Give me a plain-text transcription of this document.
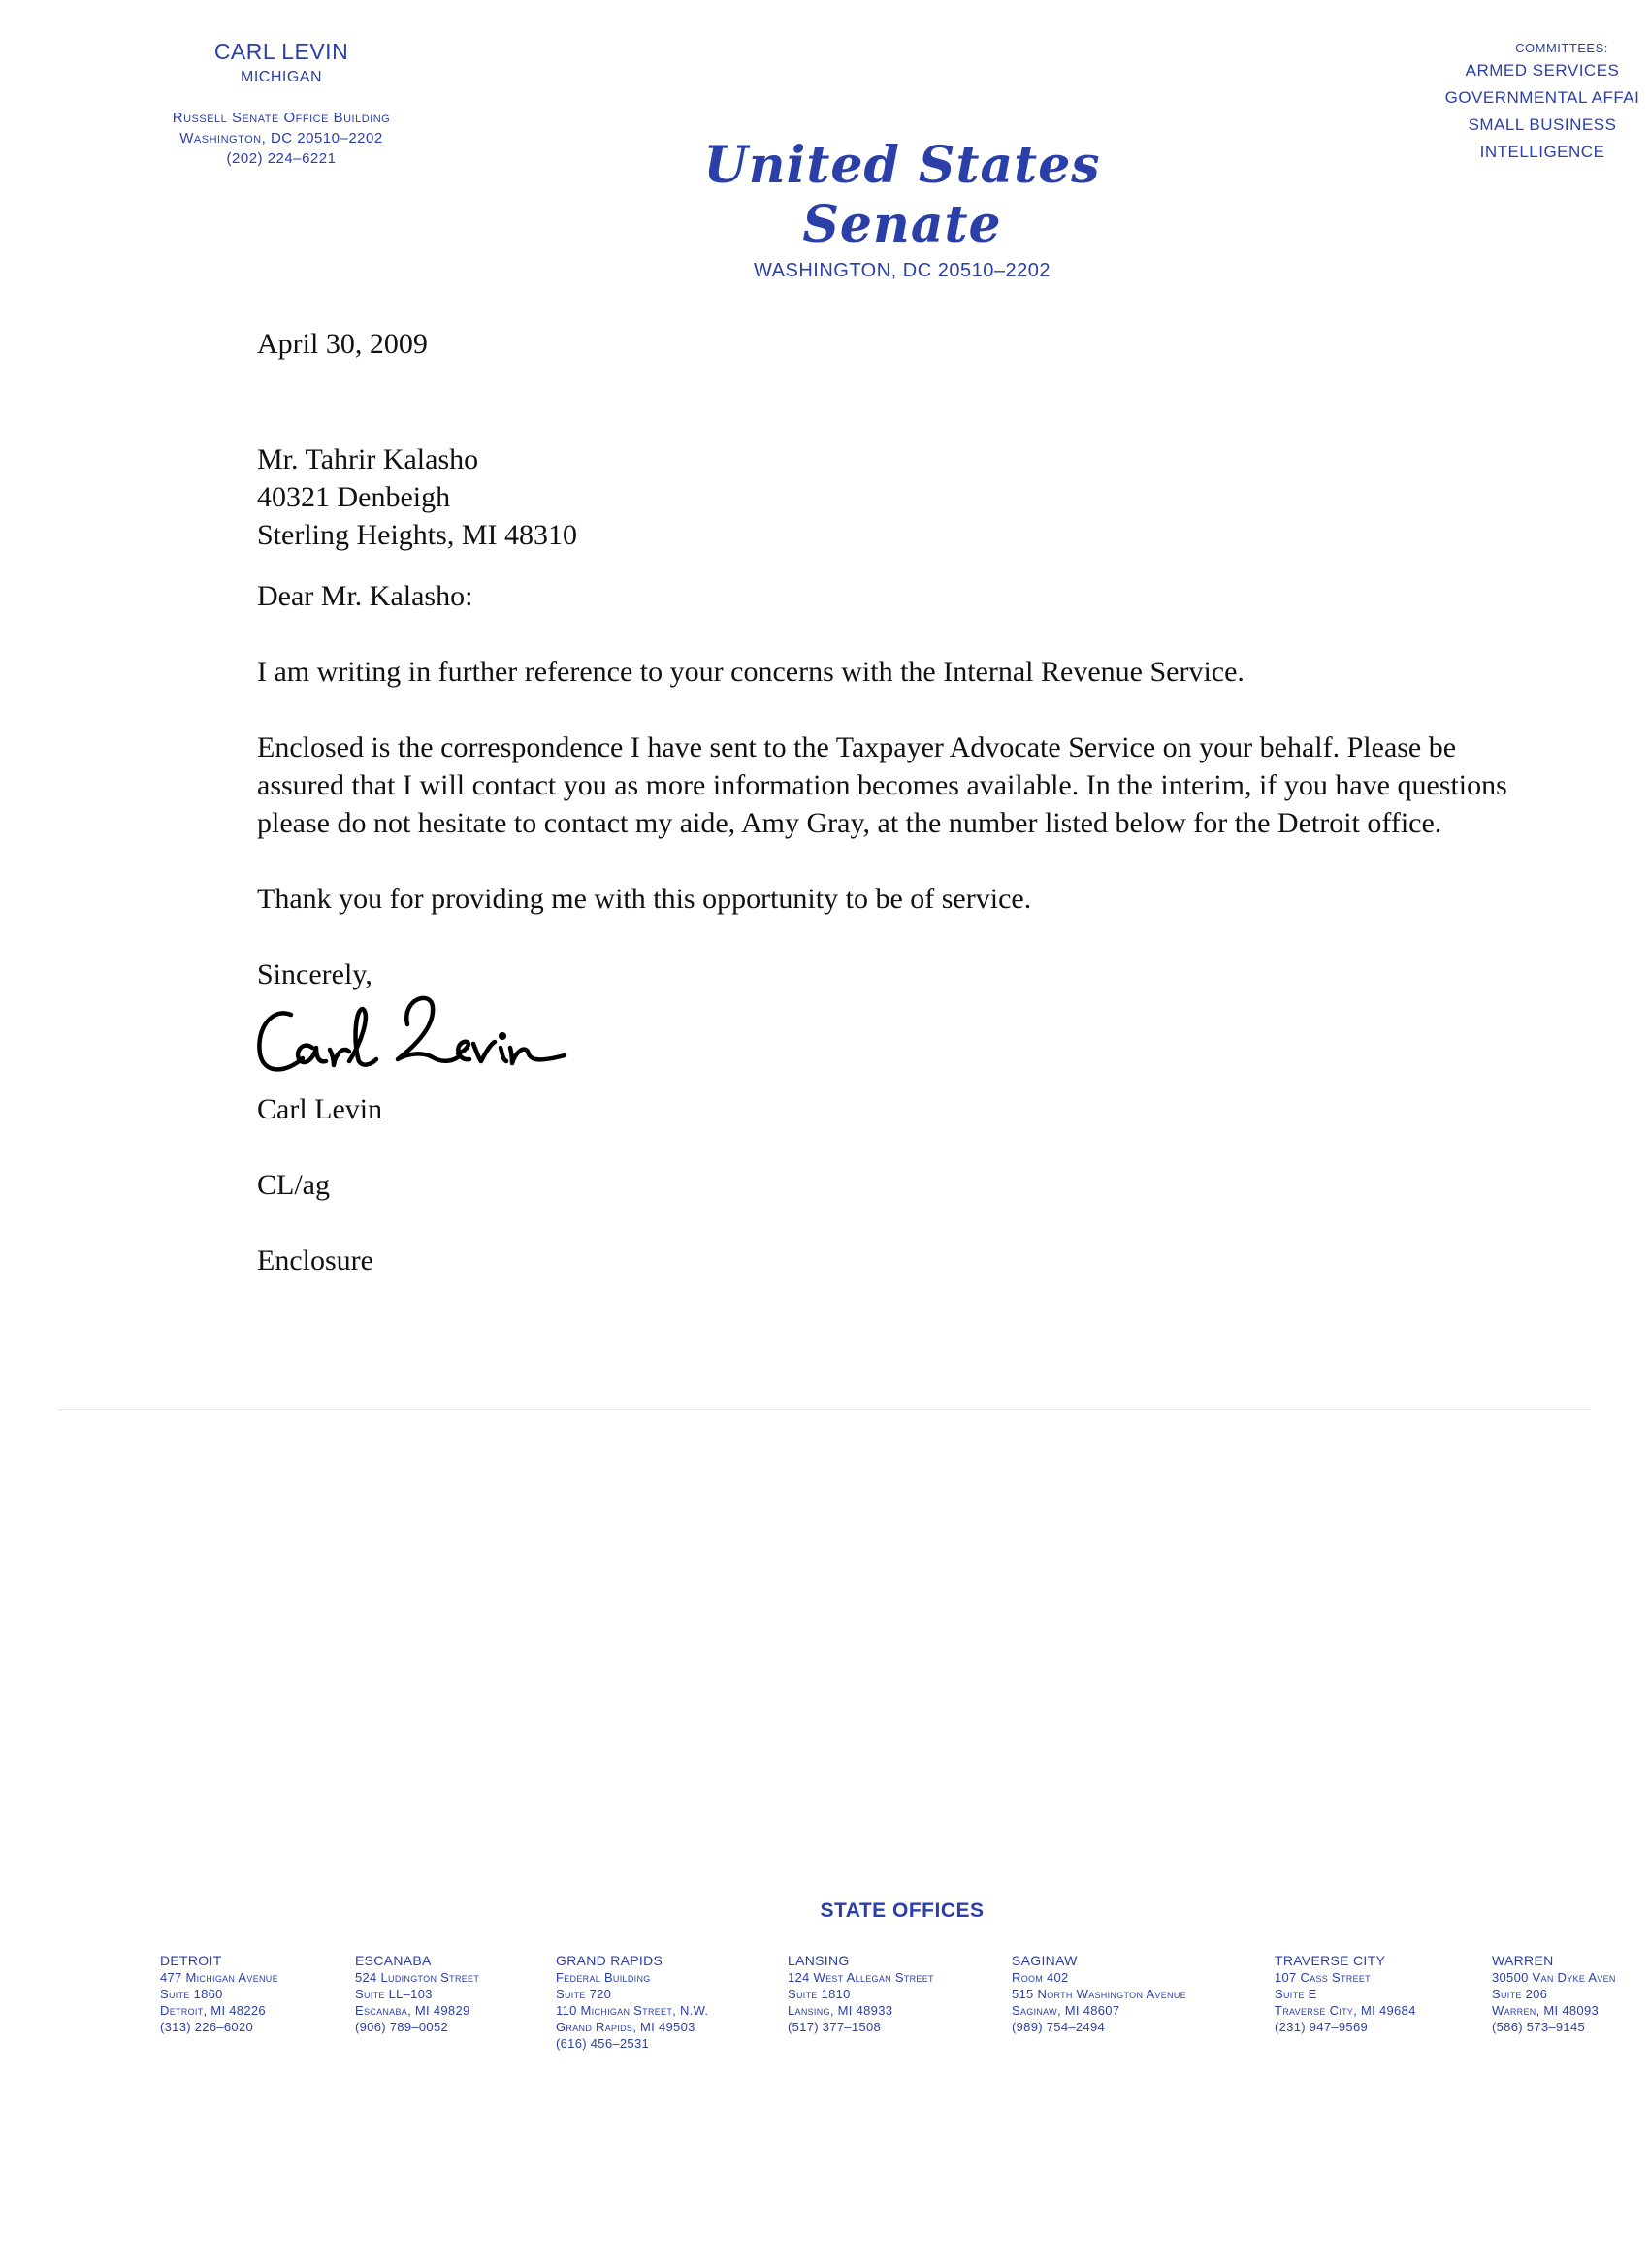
CARL LEVIN
MICHIGAN
Russell Senate Office Building
Washington, DC 20510–2202
(202) 224–6221	United States Senate
WASHINGTON, DC 20510–2202
COMMITTEES:
ARMED SERVICES
GOVERNMENTAL AFFAI
SMALL BUSINESS
INTELLIGENCE
April 30, 2009
Mr. Tahrir Kalasho
40321 Denbeigh
Sterling Heights, MI 48310

Dear Mr. Kalasho:

I am writing in further reference to your concerns with the Internal Revenue Service.

Enclosed is the correspondence I have sent to the Taxpayer Advocate Service on your behalf. Please be assured that I will contact you as more information becomes available. In the interim, if you have questions please do not hesitate to contact my aide, Amy Gray, at the number listed below for the Detroit office.

Thank you for providing me with this opportunity to be of service.

Sincerely,
Carl Levin
CL/ag
Enclosure
STATE OFFICES
DETROIT
477 Michigan Avenue
Suite 1860
Detroit, MI 48226
(313) 226–6020
ESCANABA
524 Ludington Street
Suite LL–103
Escanaba, MI 49829
(906) 789–0052
GRAND RAPIDS
Federal Building
Suite 720
110 Michigan Street, N.W.
Grand Rapids, MI 49503
(616) 456–2531
LANSING
124 West Allegan Street
Suite 1810
Lansing, MI 48933
(517) 377–1508
SAGINAW
Room 402
515 North Washington Avenue
Saginaw, MI 48607
(989) 754–2494
TRAVERSE CITY
107 Cass Street
Suite E
Traverse City, MI 49684
(231) 947–9569
WARREN
30500 Van Dyke Aven
Suite 206
Warren, MI 48093
(586) 573–9145
